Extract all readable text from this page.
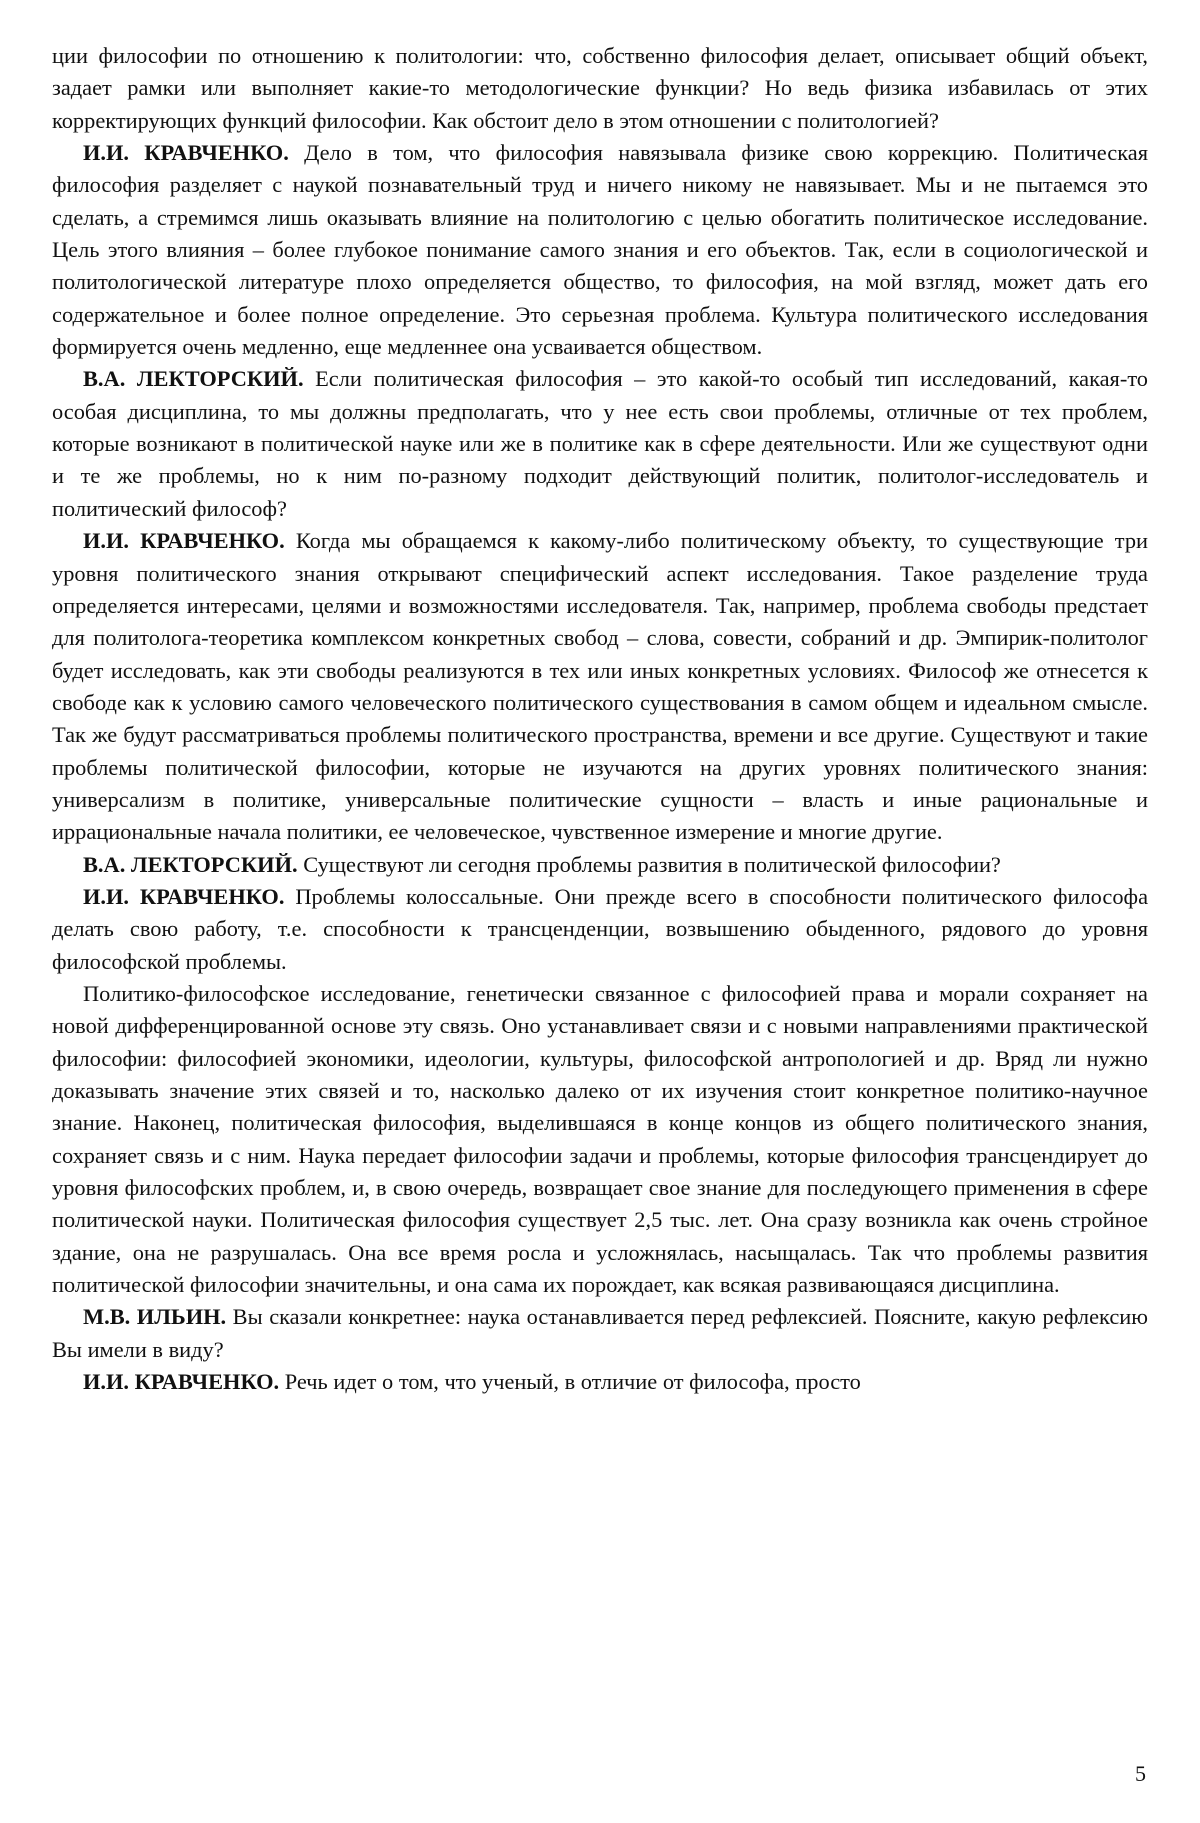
ции философии по отношению к политологии: что, собственно философия делает, описывает общий объект, задает рамки или выполняет какие-то методологические функции? Но ведь физика избавилась от этих корректирующих функций философии. Как обстоит дело в этом отношении с политологией?

И.И. КРАВЧЕНКО. Дело в том, что философия навязывала физике свою коррекцию. Политическая философия разделяет с наукой познавательный труд и ничего никому не навязывает. Мы и не пытаемся это сделать, а стремимся лишь оказывать влияние на политологию с целью обогатить политическое исследование. Цель этого влияния – более глубокое понимание самого знания и его объектов. Так, если в социологической и политологической литературе плохо определяется общество, то философия, на мой взгляд, может дать его содержательное и более полное определение. Это серьезная проблема. Культура политического исследования формируется очень медленно, еще медленнее она усваивается обществом.

В.А. ЛЕКТОРСКИЙ. Если политическая философия – это какой-то особый тип исследований, какая-то особая дисциплина, то мы должны предполагать, что у нее есть свои проблемы, отличные от тех проблем, которые возникают в политической науке или же в политике как в сфере деятельности. Или же существуют одни и те же проблемы, но к ним по-разному подходит действующий политик, политолог-исследователь и политический философ?

И.И. КРАВЧЕНКО. Когда мы обращаемся к какому-либо политическому объекту, то существующие три уровня политического знания открывают специфический аспект исследования. Такое разделение труда определяется интересами, целями и возможностями исследователя. Так, например, проблема свободы предстает для политолога-теоретика комплексом конкретных свобод – слова, совести, собраний и др. Эмпирик-политолог будет исследовать, как эти свободы реализуются в тех или иных конкретных условиях. Философ же отнесется к свободе как к условию самого человеческого политического существования в самом общем и идеальном смысле. Так же будут рассматриваться проблемы политического пространства, времени и все другие. Существуют и такие проблемы политической философии, которые не изучаются на других уровнях политического знания: универсализм в политике, универсальные политические сущности – власть и иные рациональные и иррациональные начала политики, ее человеческое, чувственное измерение и многие другие.

В.А. ЛЕКТОРСКИЙ. Существуют ли сегодня проблемы развития в политической философии?

И.И. КРАВЧЕНКО. Проблемы колоссальные. Они прежде всего в способности политического философа делать свою работу, т.е. способности к трансценденции, возвышению обыденного, рядового до уровня философской проблемы.

Политико-философское исследование, генетически связанное с философией права и морали сохраняет на новой дифференцированной основе эту связь. Оно устанавливает связи и с новыми направлениями практической философии: философией экономики, идеологии, культуры, философской антропологией и др. Вряд ли нужно доказывать значение этих связей и то, насколько далеко от их изучения стоит конкретное политико-научное знание. Наконец, политическая философия, выделившаяся в конце концов из общего политического знания, сохраняет связь и с ним. Наука передает философии задачи и проблемы, которые философия трансцендирует до уровня философских проблем, и, в свою очередь, возвращает свое знание для последующего применения в сфере политической науки. Политическая философия существует 2,5 тыс. лет. Она сразу возникла как очень стройное здание, она не разрушалась. Она все время росла и усложнялась, насыщалась. Так что проблемы развития политической философии значительны, и она сама их порождает, как всякая развивающаяся дисциплина.

М.В. ИЛЬИН. Вы сказали конкретнее: наука останавливается перед рефлексией. Поясните, какую рефлексию Вы имели в виду?

И.И. КРАВЧЕНКО. Речь идет о том, что ученый, в отличие от философа, просто

5
